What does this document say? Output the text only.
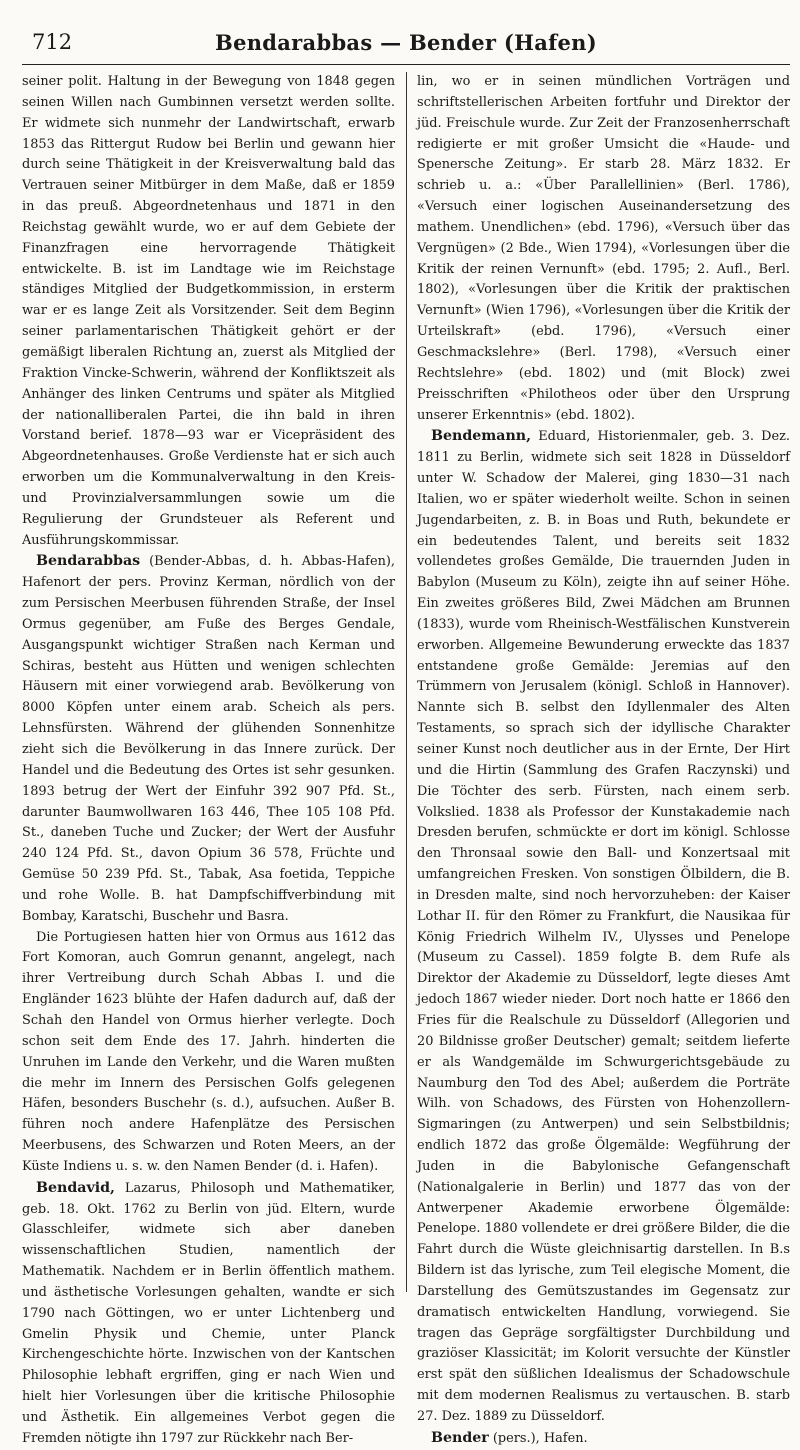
712	Bendarabbas — Bender (Hafen)

seiner polit. Haltung in der Bewegung von 1848 gegen seinen Willen nach Gumbinnen versetzt werden sollte. Er widmete sich nunmehr der Landwirtschaft, erwarb 1853 das Rittergut Rudow bei Berlin und gewann hier durch seine Thätigkeit in der Kreisverwaltung bald das Vertrauen seiner Mitbürger in dem Maße, daß er 1859 in das preuß. Abgeordnetenhaus und 1871 in den Reichstag gewählt wurde, wo er auf dem Gebiete der Finanzfragen eine hervorragende Thätigkeit entwickelte. B. ist im Landtage wie im Reichstage ständiges Mitglied der Budgetkommission, in ersterm war er es lange Zeit als Vorsitzender. Seit dem Beginn seiner parlamentarischen Thätigkeit gehört er der gemäßigt liberalen Richtung an, zuerst als Mitglied der Fraktion Vincke-Schwerin, während der Konfliktszeit als Anhänger des linken Centrums und später als Mitglied der nationalliberalen Partei, die ihn bald in ihren Vorstand berief. 1878—93 war er Vicepräsident des Abgeordnetenhauses. Große Verdienste hat er sich auch erworben um die Kommunalverwaltung in den Kreis- und Provinzialversammlungen sowie um die Regulierung der Grundsteuer als Referent und Ausführungskommissar.

Bendarabbas (Bender-Abbas, d. h. Abbas-Hafen), Hafenort der pers. Provinz Kerman, nördlich von der zum Persischen Meerbusen führenden Straße, der Insel Ormus gegenüber, am Fuße des Berges Gendale, Ausgangspunkt wichtiger Straßen nach Kerman und Schiras, besteht aus Hütten und wenigen schlechten Häusern mit einer vorwiegend arab. Bevölkerung von 8000 Köpfen unter einem arab. Scheich als pers. Lehnsfürsten. Während der glühenden Sonnenhitze zieht sich die Bevölkerung in das Innere zurück. Der Handel und die Bedeutung des Ortes ist sehr gesunken. 1893 betrug der Wert der Einfuhr 392 907 Pfd. St., darunter Baumwollwaren 163 446, Thee 105 108 Pfd. St., daneben Tuche und Zucker; der Wert der Ausfuhr 240 124 Pfd. St., davon Opium 36 578, Früchte und Gemüse 50 239 Pfd. St., Tabak, Asa foetida, Teppiche und rohe Wolle. B. hat Dampfschiffverbindung mit Bombay, Karatschi, Buschehr und Basra.

Die Portugiesen hatten hier von Ormus aus 1612 das Fort Komoran, auch Gomrun genannt, angelegt, nach ihrer Vertreibung durch Schah Abbas I. und die Engländer 1623 blühte der Hafen dadurch auf, daß der Schah den Handel von Ormus hierher verlegte. Doch schon seit dem Ende des 17. Jahrh. hinderten die Unruhen im Lande den Verkehr, und die Waren mußten die mehr im Innern des Persischen Golfs gelegenen Häfen, besonders Buschehr (s. d.), aufsuchen. Außer B. führen noch andere Hafenplätze des Persischen Meerbusens, des Schwarzen und Roten Meers, an der Küste Indiens u. s. w. den Namen Bender (d. i. Hafen).

Bendavid, Lazarus, Philosoph und Mathematiker, geb. 18. Okt. 1762 zu Berlin von jüd. Eltern, wurde Glasschleifer, widmete sich aber daneben wissenschaftlichen Studien, namentlich der Mathematik. Nachdem er in Berlin öffentlich mathem. und ästhetische Vorlesungen gehalten, wandte er sich 1790 nach Göttingen, wo er unter Lichtenberg und Gmelin Physik und Chemie, unter Planck Kirchengeschichte hörte. Inzwischen von der Kantschen Philosophie lebhaft ergriffen, ging er nach Wien und hielt hier Vorlesungen über die kritische Philosophie und Ästhetik. Ein allgemeines Verbot gegen die Fremden nötigte ihn 1797 zur Rückkehr nach Ber-

lin, wo er in seinen mündlichen Vorträgen und schriftstellerischen Arbeiten fortfuhr und Direktor der jüd. Freischule wurde. Zur Zeit der Franzosenherrschaft redigierte er mit großer Umsicht die «Haude- und Spenersche Zeitung». Er starb 28. März 1832. Er schrieb u. a.: «Über Parallellinien» (Berl. 1786), «Versuch einer logischen Auseinandersetzung des mathem. Unendlichen» (ebd. 1796), «Versuch über das Vergnügen» (2 Bde., Wien 1794), «Vorlesungen über die Kritik der reinen Vernunft» (ebd. 1795; 2. Aufl., Berl. 1802), «Vorlesungen über die Kritik der praktischen Vernunft» (Wien 1796), «Vorlesungen über die Kritik der Urteilskraft» (ebd. 1796), «Versuch einer Geschmackslehre» (Berl. 1798), «Versuch einer Rechtslehre» (ebd. 1802) und (mit Block) zwei Preisschriften «Philotheos oder über den Ursprung unserer Erkenntnis» (ebd. 1802).

Bendemann, Eduard, Historienmaler, geb. 3. Dez. 1811 zu Berlin, widmete sich seit 1828 in Düsseldorf unter W. Schadow der Malerei, ging 1830—31 nach Italien, wo er später wiederholt weilte. Schon in seinen Jugendarbeiten, z. B. in Boas und Ruth, bekundete er ein bedeutendes Talent, und bereits seit 1832 vollendetes großes Gemälde, Die trauernden Juden in Babylon (Museum zu Köln), zeigte ihn auf seiner Höhe. Ein zweites größeres Bild, Zwei Mädchen am Brunnen (1833), wurde vom Rheinisch-Westfälischen Kunstverein erworben. Allgemeine Bewunderung erweckte das 1837 entstandene große Gemälde: Jeremias auf den Trümmern von Jerusalem (königl. Schloß in Hannover). Nannte sich B. selbst den Idyllenmaler des Alten Testaments, so sprach sich der idyllische Charakter seiner Kunst noch deutlicher aus in der Ernte, Der Hirt und die Hirtin (Sammlung des Grafen Raczynski) und Die Töchter des serb. Fürsten, nach einem serb. Volkslied. 1838 als Professor der Kunstakademie nach Dresden berufen, schmückte er dort im königl. Schlosse den Thronsaal sowie den Ball- und Konzertsaal mit umfangreichen Fresken. Von sonstigen Ölbildern, die B. in Dresden malte, sind noch hervorzuheben: der Kaiser Lothar II. für den Römer zu Frankfurt, die Nausikaa für König Friedrich Wilhelm IV., Ulysses und Penelope (Museum zu Cassel). 1859 folgte B. dem Rufe als Direktor der Akademie zu Düsseldorf, legte dieses Amt jedoch 1867 wieder nieder. Dort noch hatte er 1866 den Fries für die Realschule zu Düsseldorf (Allegorien und 20 Bildnisse großer Deutscher) gemalt; seitdem lieferte er als Wandgemälde im Schwurgerichtsgebäude zu Naumburg den Tod des Abel; außerdem die Porträte Wilh. von Schadows, des Fürsten von Hohenzollern-Sigmaringen (zu Antwerpen) und sein Selbstbildnis; endlich 1872 das große Ölgemälde: Wegführung der Juden in die Babylonische Gefangenschaft (Nationalgalerie in Berlin) und 1877 das von der Antwerpener Akademie erworbene Ölgemälde: Penelope. 1880 vollendete er drei größere Bilder, die die Fahrt durch die Wüste gleichnisartig darstellen. In B.s Bildern ist das lyrische, zum Teil elegische Moment, die Darstellung des Gemütszustandes im Gegensatz zur dramatisch entwickelten Handlung, vorwiegend. Sie tragen das Gepräge sorgfältigster Durchbildung und graziöser Klassicität; im Kolorit versuchte der Künstler erst spät den süßlichen Idealismus der Schadowschule mit dem modernen Realismus zu vertauschen. B. starb 27. Dez. 1889 zu Düsseldorf.

Bender (pers.), Hafen.
